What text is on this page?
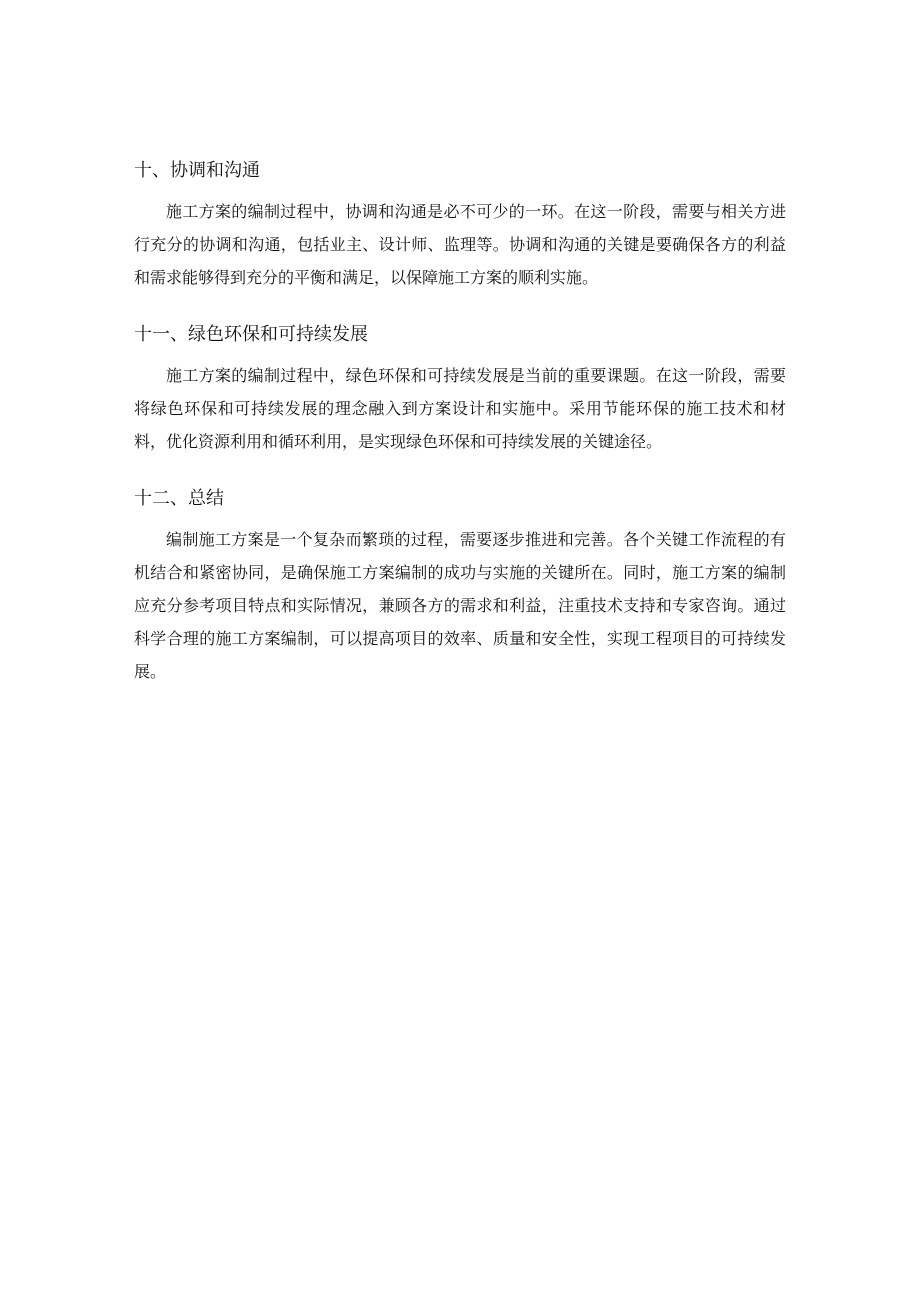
十、协调和沟通

施工方案的编制过程中，协调和沟通是必不可少的一环。在这一阶段，需要与相关方进行充分的协调和沟通，包括业主、设计师、监理等。协调和沟通的关键是要确保各方的利益和需求能够得到充分的平衡和满足，以保障施工方案的顺利实施。

十一、绿色环保和可持续发展

施工方案的编制过程中，绿色环保和可持续发展是当前的重要课题。在这一阶段，需要将绿色环保和可持续发展的理念融入到方案设计和实施中。采用节能环保的施工技术和材料，优化资源利用和循环利用，是实现绿色环保和可持续发展的关键途径。

十二、总结

编制施工方案是一个复杂而繁琐的过程，需要逐步推进和完善。各个关键工作流程的有机结合和紧密协同，是确保施工方案编制的成功与实施的关键所在。同时，施工方案的编制应充分参考项目特点和实际情况，兼顾各方的需求和利益，注重技术支持和专家咨询。通过科学合理的施工方案编制，可以提高项目的效率、质量和安全性，实现工程项目的可持续发展。
